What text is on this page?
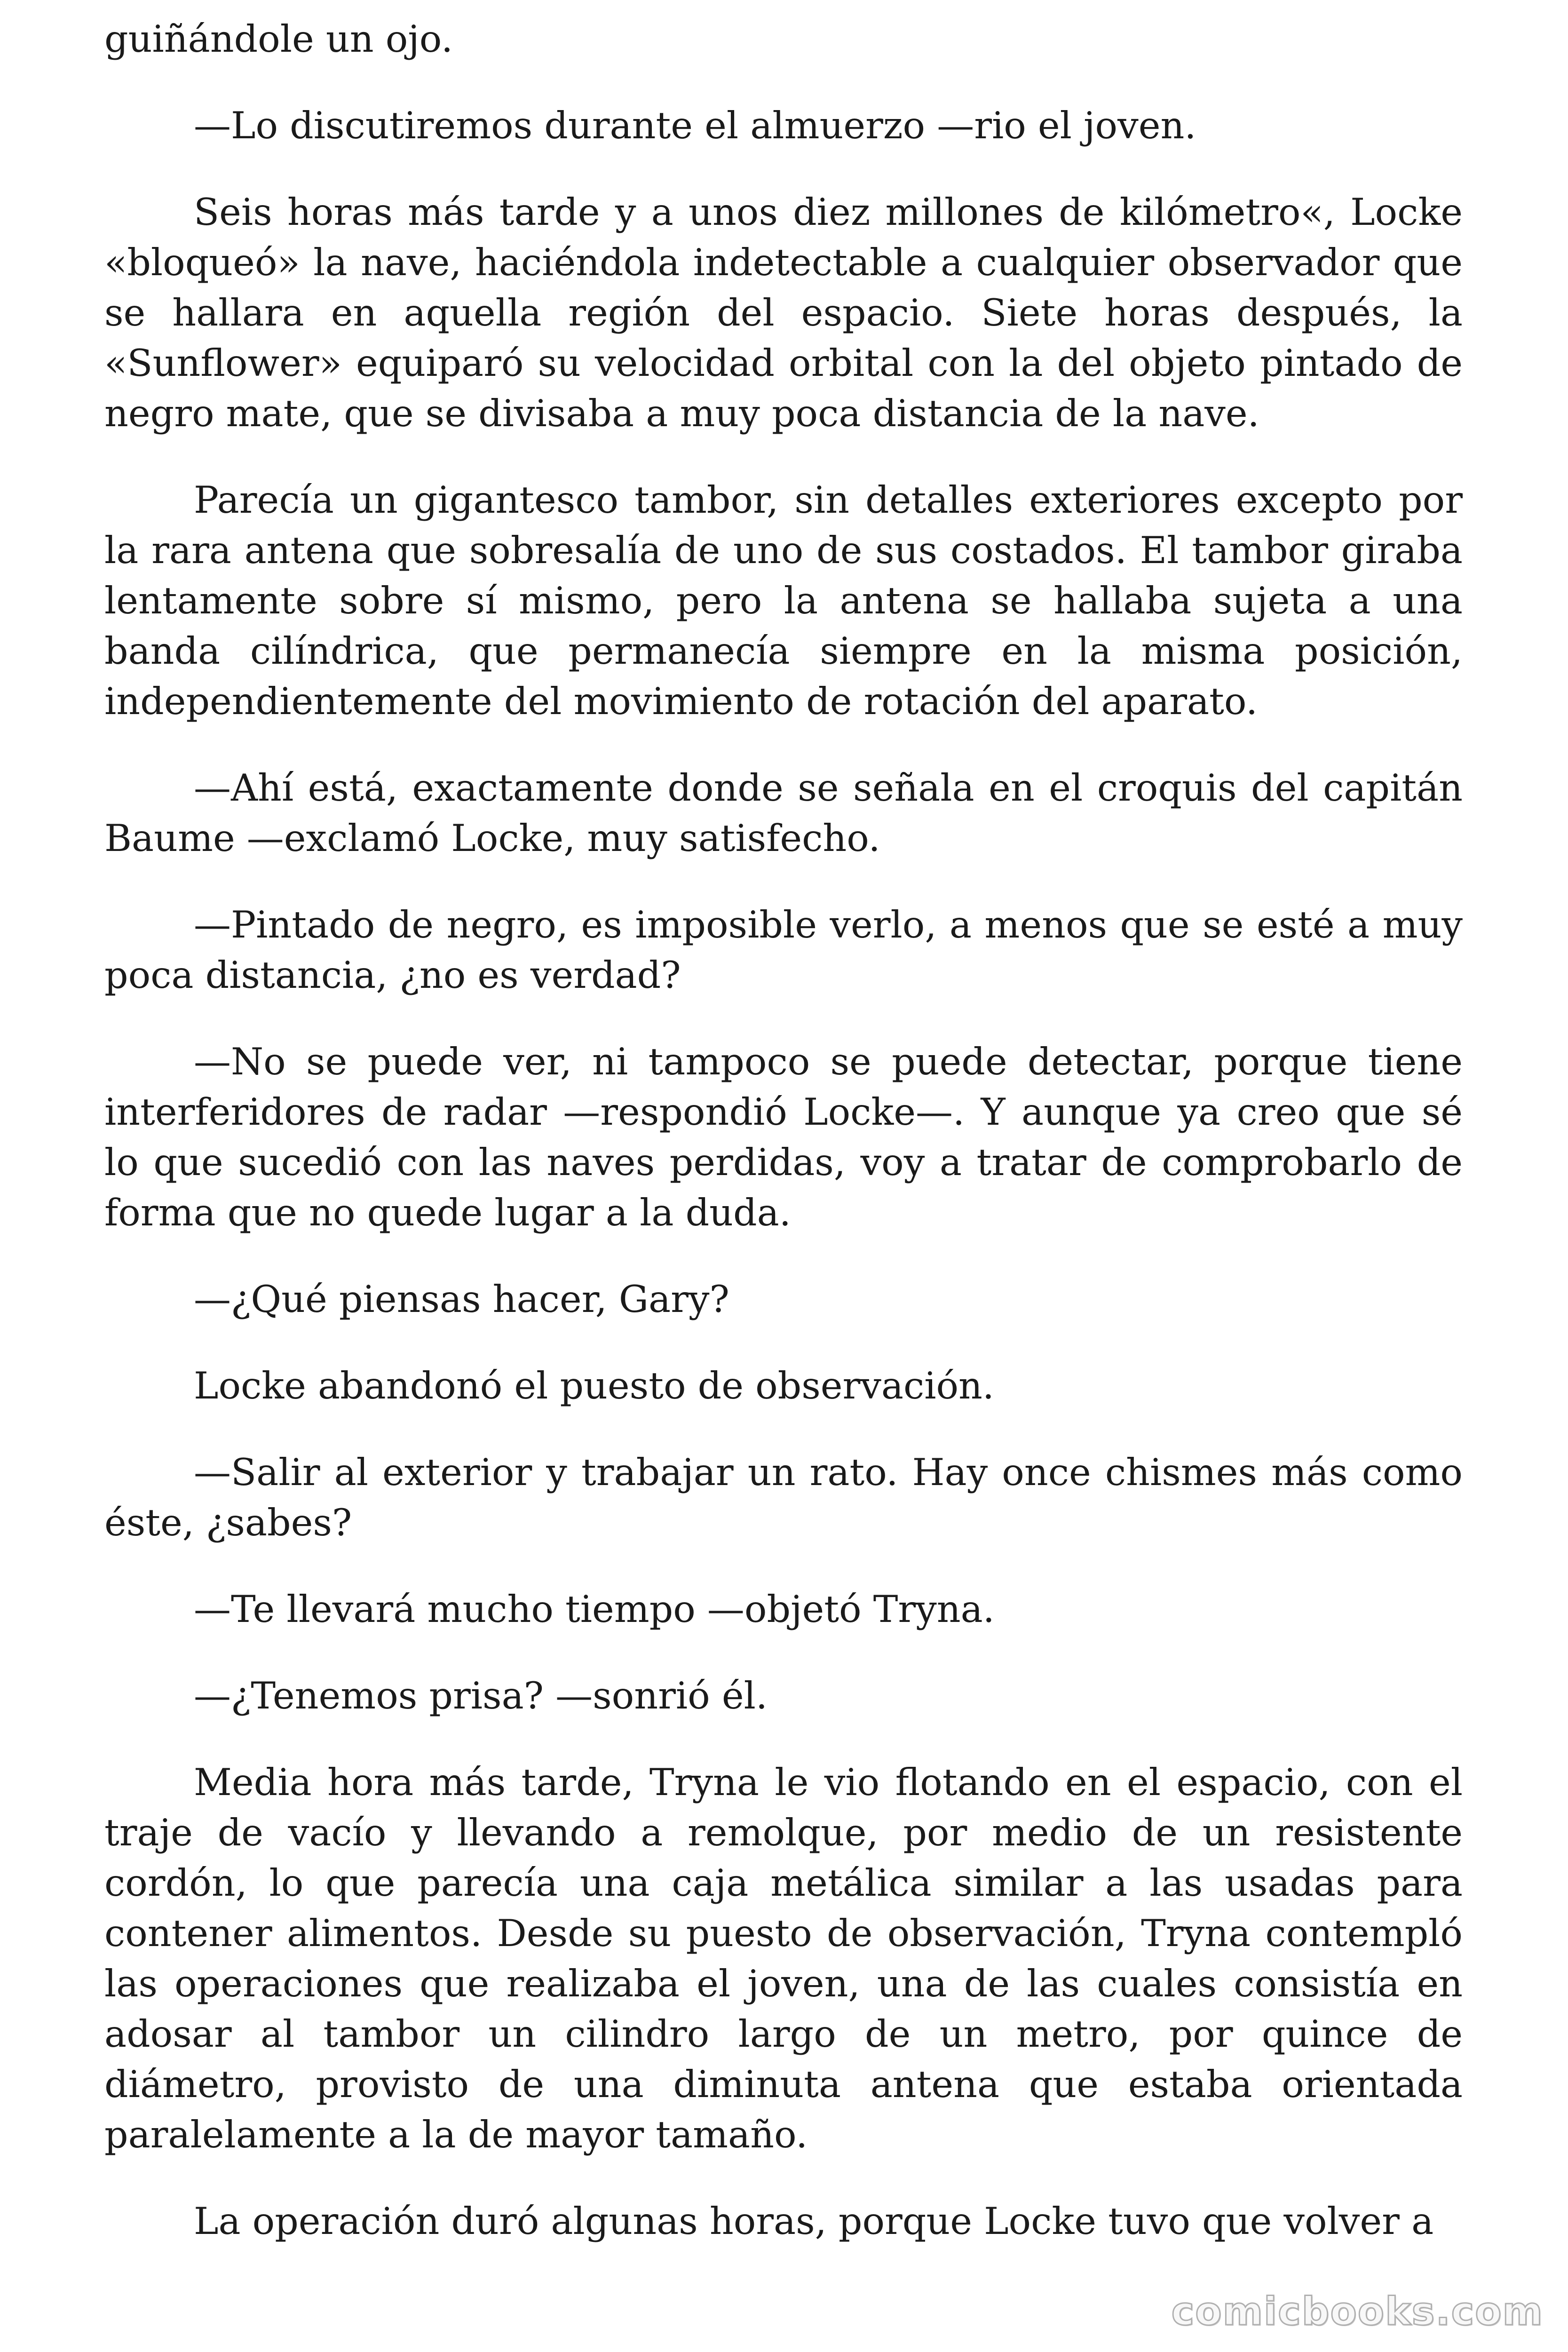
guiñándole un ojo.

—Lo discutiremos durante el almuerzo —rio el joven.

Seis horas más tarde y a unos diez millones de kilómetro«, Locke «bloqueó» la nave, haciéndola indetectable a cualquier observador que se hallara en aquella región del espacio. Siete horas después, la «Sunflower» equiparó su velocidad orbital con la del objeto pintado de negro mate, que se divisaba a muy poca distancia de la nave.

Parecía un gigantesco tambor, sin detalles exteriores excepto por la rara antena que sobresalía de uno de sus costados. El tambor giraba lentamente sobre sí mismo, pero la antena se hallaba sujeta a una banda cilíndrica, que permanecía siempre en la misma posición, independientemente del movimiento de rotación del aparato.

—Ahí está, exactamente donde se señala en el croquis del capitán Baume —exclamó Locke, muy satisfecho.

—Pintado de negro, es imposible verlo, a menos que se esté a muy poca distancia, ¿no es verdad?

—No se puede ver, ni tampoco se puede detectar, porque tiene interferidores de radar —respondió Locke—. Y aunque ya creo que sé lo que sucedió con las naves perdidas, voy a tratar de comprobarlo de forma que no quede lugar a la duda.

—¿Qué piensas hacer, Gary?

Locke abandonó el puesto de observación.

—Salir al exterior y trabajar un rato. Hay once chismes más como éste, ¿sabes?

—Te llevará mucho tiempo —objetó Tryna.

—¿Tenemos prisa? —sonrió él.

Media hora más tarde, Tryna le vio flotando en el espacio, con el traje de vacío y llevando a remolque, por medio de un resistente cordón, lo que parecía una caja metálica similar a las usadas para contener alimentos. Desde su puesto de observación, Tryna contempló las operaciones que realizaba el joven, una de las cuales consistía en adosar al tambor un cilindro largo de un metro, por quince de diámetro, provisto de una diminuta antena que estaba orientada paralelamente a la de mayor tamaño.

La operación duró algunas horas, porque Locke tuvo que volver a

comicbooks.com
